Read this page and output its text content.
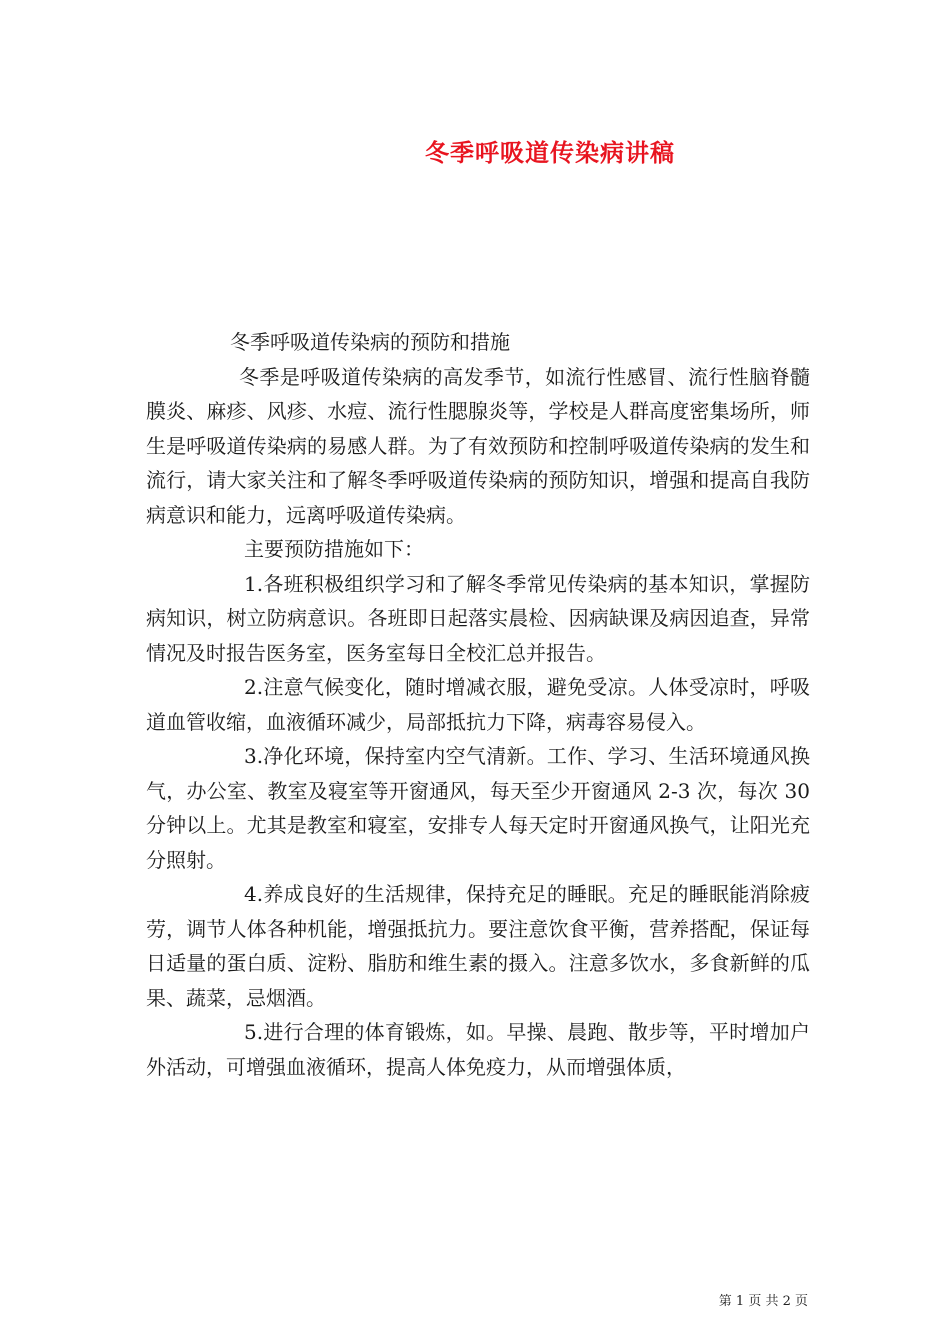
冬季呼吸道传染病讲稿

冬季呼吸道传染病的预防和措施

冬季是呼吸道传染病的高发季节，如流行性感冒、流行性脑脊髓膜炎、麻疹、风疹、水痘、流行性腮腺炎等，学校是人群高度密集场所，师生是呼吸道传染病的易感人群。为了有效预防和控制呼吸道传染病的发生和流行，请大家关注和了解冬季呼吸道传染病的预防知识，增强和提高自我防病意识和能力，远离呼吸道传染病。

主要预防措施如下：

1.各班积极组织学习和了解冬季常见传染病的基本知识，掌握防病知识，树立防病意识。各班即日起落实晨检、因病缺课及病因追查，异常情况及时报告医务室，医务室每日全校汇总并报告。

2.注意气候变化，随时增减衣服，避免受凉。人体受凉时，呼吸道血管收缩，血液循环减少，局部抵抗力下降，病毒容易侵入。

3.净化环境，保持室内空气清新。工作、学习、生活环境通风换气，办公室、教室及寝室等开窗通风，每天至少开窗通风 2-3 次，每次 30 分钟以上。尤其是教室和寝室，安排专人每天定时开窗通风换气，让阳光充分照射。

4.养成良好的生活规律，保持充足的睡眠。充足的睡眠能消除疲劳，调节人体各种机能，增强抵抗力。要注意饮食平衡，营养搭配，保证每日适量的蛋白质、淀粉、脂肪和维生素的摄入。注意多饮水，多食新鲜的瓜果、蔬菜，忌烟酒。

5.进行合理的体育锻炼，如。早操、晨跑、散步等，平时增加户外活动，可增强血液循环，提高人体免疫力，从而增强体质，

第 1 页 共 2 页
